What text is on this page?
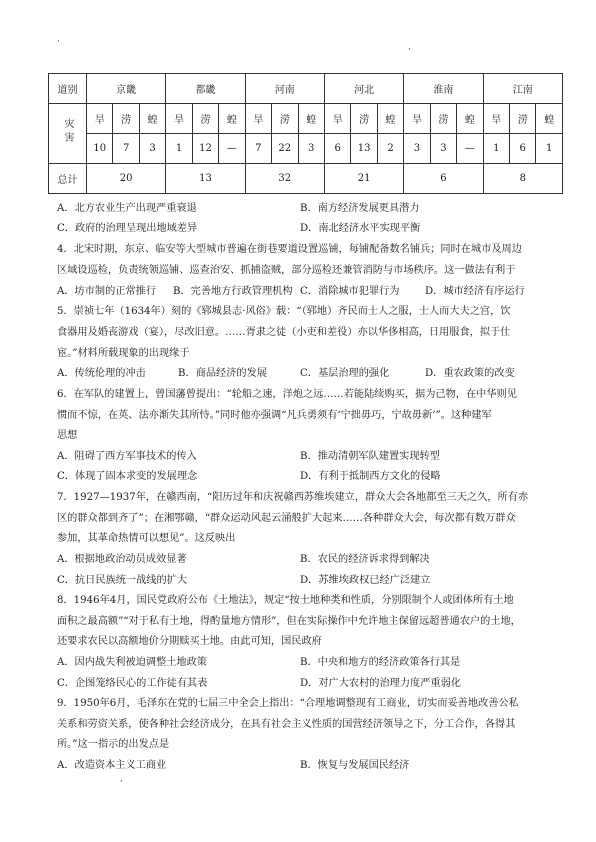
·
·
·
道别	京畿			都畿			河南			河北			淮南			江南		
灾害	旱	涝	蝗	旱	涝	蝗	旱	涝	蝗	旱	涝	蝗	旱	涝	蝗	旱	涝	蝗
	10	7	3	1	12	—	7	22	3	6	13	2	3	3	—	1	6	1
总计	20			13			32			21			6			8		
A．北方农业生产出现严重衰退	B．南方经济发展更具潜力
C．政府的治理呈现出地域差异	D．南北经济水平实现平衡
4．北宋时期，东京、临安等大型城市普遍在街巷要道设置巡铺，每铺配备数名铺兵；同时在城市及周边
区域设巡检，负责统领巡铺、巡查治安、抓捕盗贼，部分巡检还兼管消防与市场秩序。这一做法有利于
A．坊市制的正常推行 B．完善地方行政管理机构 C．消除城市犯罪行为	D．城市经济有序运行
5．崇祯七年（1634年）刻的《郓城县志·风俗》载：“（郓地）齐民而士人之服，士人而大夫之宫，饮
食器用及婚丧游戏（宴），尽改旧意。……胥隶之徒（小吏和差役）亦以华侈相高，日用服食，拟于仕
宦。”材料所载现象的出现缘于
A．传统伦理的冲击	B．商品经济的发展	C．基层治理的强化	D．重农政策的改变
6．在军队的建置上，曾国藩曾提出：“轮船之速，洋炮之远……若能陆续购买，据为己物，在中华则见
惯而不惊，在英、法亦渐失其所恃。”同时他亦强调“凡兵勇须有‘宁拙毋巧，宁故毋新’”。这种建军
思想
A．阻碍了西方军事技术的传入	B．推动清朝军队建置实现转型
C．体现了固本求变的发展理念	D．有利于抵制西方文化的侵略
7．1927—1937年，在赣西南，“阳历过年和庆祝赣西苏维埃建立，群众大会各地都至三天之久，所有赤
区的群众都到齐了”；在湘鄂赣，“群众运动风起云涌般扩大起来……各种群众大会，每次都有数万群众
参加，其革命热情可以想见”。这反映出
A．根据地政治动员成效显著	B．农民的经济诉求得到解决
C．抗日民族统一战线的扩大	D．苏维埃政权已经广泛建立
8．1946年4月，国民党政府公布《土地法》，规定“按土地种类和性质，分别限制个人或团体所有土地
面积之最高额”“对于私有土地，得酌量地方情形”，但在实际操作中允许地主保留远超普通农户的土地，
还要求农民以高额地价分期赎买土地。由此可知，国民政府
A．因内战失利被迫调整土地政策	B．中央和地方的经济政策各行其是
C．企图笼络民心的工作徒有其表	D．对广大农村的治理力度严重弱化
9．1950年6月，毛泽东在党的七届三中全会上指出：“合理地调整现有工商业，切实而妥善地改善公私
关系和劳资关系，使各种社会经济成分，在具有社会主义性质的国营经济领导之下，分工合作，各得其
所。”这一指示的出发点是
A．改造资本主义工商业	B．恢复与发展国民经济
